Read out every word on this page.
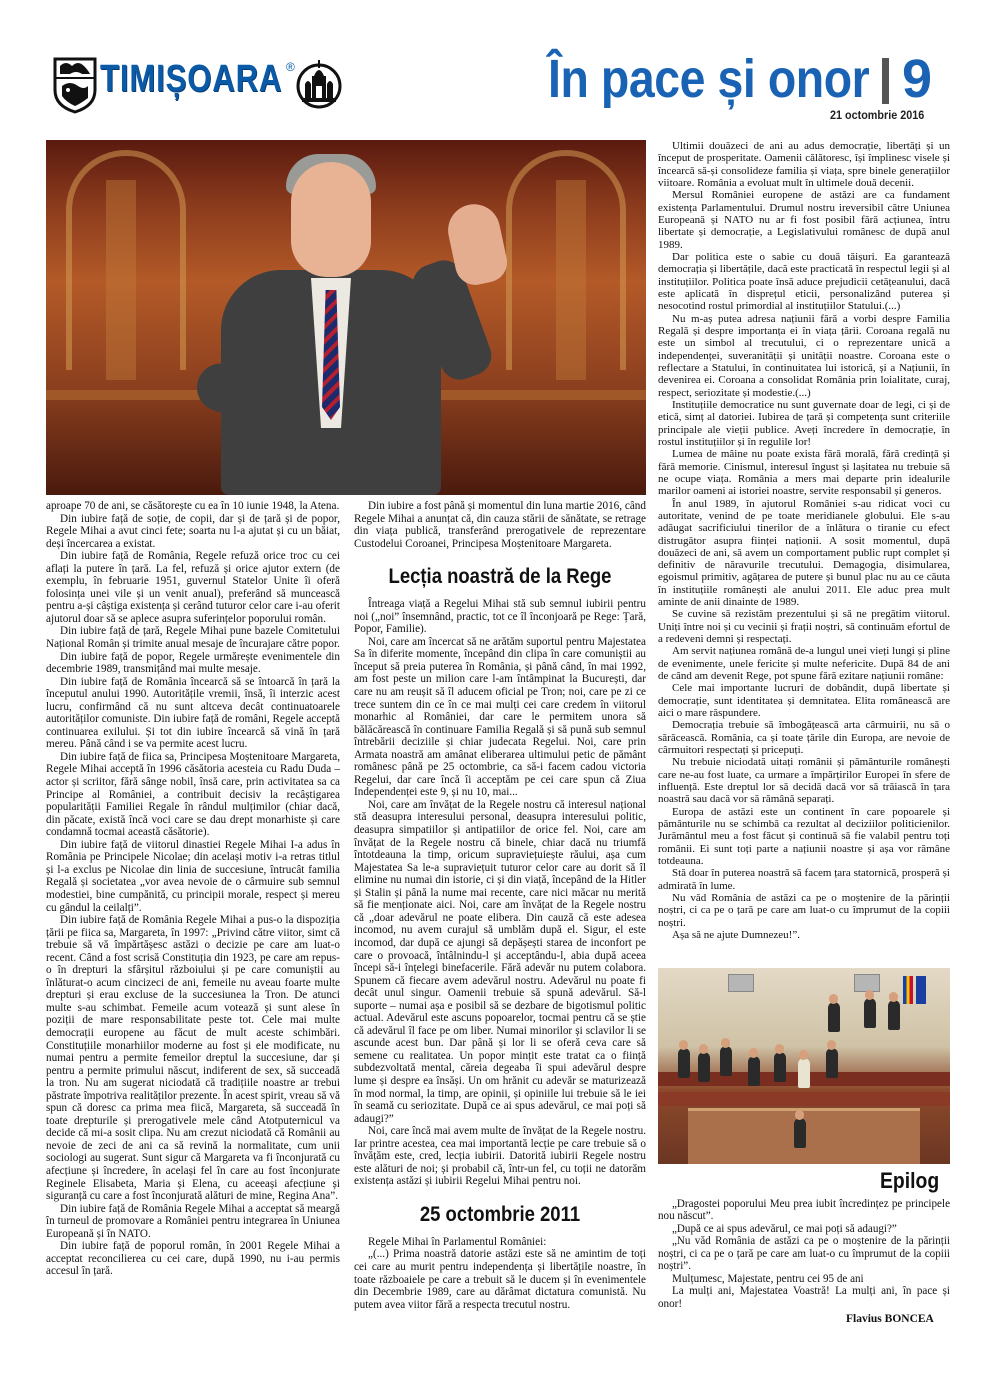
TIMIȘOARA ®	În pace și onor 9
21 octombrie 2016

aproape 70 de ani, se căsătorește cu ea în 10 iunie 1948, la Atena.

Din iubire față de soție, de copii, dar și de țară și de popor, Regele Mihai a avut cinci fete; soarta nu l-a ajutat și cu un băiat, deși încercarea a existat.

Din iubire față de România, Regele refuză orice troc cu cei aflați la putere în țară. La fel, refuză și orice ajutor extern (de exemplu, în februarie 1951, guvernul Statelor Unite îi oferă folosința unei vile și un venit anual), preferând să muncească pentru a-și câștiga existența și cerând tuturor celor care i-au oferit ajutorul doar să se aplece asupra suferințelor poporului român.

Din iubire față de țară, Regele Mihai pune bazele Comitetului Național Român și trimite anual mesaje de încurajare către popor.

Din iubire față de popor, Regele urmărește evenimentele din decembrie 1989, transmițând mai multe mesaje.

Din iubire față de România încearcă să se întoarcă în țară la începutul anului 1990. Autoritățile vremii, însă, îi interzic acest lucru, confirmând că nu sunt altceva decât continuatoarele autorităților comuniste. Din iubire față de români, Regele acceptă continuarea exilului. Și tot din iubire încearcă să vină în țară mereu. Până când i se va permite acest lucru.

Din iubire față de fiica sa, Principesa Moștenitoare Margareta, Regele Mihai acceptă în 1996 căsătoria acesteia cu Radu Duda – actor și scriitor, fără sânge nobil, însă care, prin activitatea sa ca Principe al României, a contribuit decisiv la recâștigarea popularității Familiei Regale în rândul mulțimilor (chiar dacă, din păcate, există încă voci care se dau drept monarhiste și care condamnă tocmai această căsătorie).

Din iubire față de viitorul dinastiei Regele Mihai I-a adus în România pe Principele Nicolae; din același motiv i-a retras titlul și l-a exclus pe Nicolae din linia de succesiune, întrucât familia Regală și societatea „vor avea nevoie de o cârmuire sub semnul modestiei, bine cumpănită, cu principii morale, respect și mereu cu gândul la ceilalți”.

Din iubire față de România Regele Mihai a pus-o la dispoziția țării pe fiica sa, Margareta, în 1997: „Privind către viitor, simt că trebuie să vă împărtășesc astăzi o decizie pe care am luat-o recent. Când a fost scrisă Constituția din 1923, pe care am repus-o în drepturi la sfârșitul războiului și pe care comuniștii au înlăturat-o acum cincizeci de ani, femeile nu aveau foarte multe drepturi și erau excluse de la succesiunea la Tron. De atunci multe s-au schimbat. Femeile acum votează și sunt alese în poziții de mare responsabilitate peste tot. Cele mai multe democrații europene au făcut de mult aceste schimbări. Constituțiile monarhiilor moderne au fost și ele modificate, nu numai pentru a permite femeilor dreptul la succesiune, dar și pentru a permite primului născut, indiferent de sex, să succeadă la tron. Nu am sugerat niciodată că tradițiile noastre ar trebui păstrate împotriva realităților prezente. În acest spirit, vreau să vă spun că doresc ca prima mea fiică, Margareta, să succeadă în toate drepturile și prerogativele mele când Atotputernicul va decide că mi-a sosit clipa. Nu am crezut niciodată că Românii au nevoie de zeci de ani ca să revină la normalitate, cum unii sociologi au sugerat. Sunt sigur că Margareta va fi înconjurată cu afecțiune și încredere, în același fel în care au fost înconjurate Reginele Elisabeta, Maria și Elena, cu aceeași afecțiune și siguranță cu care a fost înconjurată alături de mine, Regina Ana”.

Din iubire față de România Regele Mihai a acceptat să meargă în turneul de promovare a României pentru integrarea în Uniunea Europeană și în NATO.

Din iubire față de poporul român, în 2001 Regele Mihai a acceptat reconcilierea cu cei care, după 1990, nu i-au permis accesul în țară.

Din iubire a fost până și momentul din luna martie 2016, când Regele Mihai a anunțat că, din cauza stării de sănătate, se retrage din viața publică, transferând prerogativele de reprezentare Custodelui Coroanei, Principesa Moștenitoare Margareta.

Lecția noastră de la Rege

Întreaga viață a Regelui Mihai stă sub semnul iubirii pentru noi („noi” însemnând, practic, tot ce îl înconjoară pe Rege: Țară, Popor, Familie).

Noi, care am încercat să ne arătăm suportul pentru Majestatea Sa în diferite momente, începând din clipa în care comuniștii au început să preia puterea în România, și până când, în mai 1992, am fost peste un milion care l-am întâmpinat la București, dar care nu am reușit să îl aducem oficial pe Tron; noi, care pe zi ce trece suntem din ce în ce mai mulți cei care credem în viitorul monarhic al României, dar care le permitem unora să bălăcărească în continuare Familia Regală și să pună sub semnul întrebării deciziile și chiar judecata Regelui. Noi, care prin Armata noastră am amânat eliberarea ultimului petic de pământ românesc până pe 25 octombrie, ca să-i facem cadou victoria Regelui, dar care încă îi acceptăm pe cei care spun că Ziua Independenței este 9, și nu 10, mai...

Noi, care am învățat de la Regele nostru că interesul național stă deasupra interesului personal, deasupra interesului politic, deasupra simpatiilor și antipatiilor de orice fel. Noi, care am învățat de la Regele nostru că binele, chiar dacă nu triumfă întotdeauna la timp, oricum supraviețuiește răului, așa cum Majestatea Sa le-a supraviețuit tuturor celor care au dorit să îl elimine nu numai din istorie, ci și din viață, începând de la Hitler și Stalin și până la nume mai recente, care nici măcar nu merită să fie menționate aici. Noi, care am învățat de la Regele nostru că „doar adevărul ne poate elibera. Din cauză că este adesea incomod, nu avem curajul să umblăm după el. Sigur, el este incomod, dar după ce ajungi să depășești starea de inconfort pe care o provoacă, întâlnindu-l și acceptându-l, abia după aceea începi să-i înțelegi binefacerile. Fără adevăr nu putem colabora. Spunem că fiecare avem adevărul nostru. Adevărul nu poate fi decât unul singur. Oamenii trebuie să spună adevărul. Să-l suporte – numai așa e posibil să se dezbare de bigotismul politic actual. Adevărul este ascuns popoarelor, tocmai pentru că se știe că adevărul îl face pe om liber. Numai minorilor și sclavilor li se ascunde acest bun. Dar până și lor li se oferă ceva care să semene cu realitatea. Un popor mințit este tratat ca o ființă subdezvoltată mental, căreia degeaba îi spui adevărul despre lume și despre ea însăși. Un om hrănit cu adevăr se maturizează în mod normal, la timp, are opinii, și opiniile lui trebuie să le iei în seamă cu seriozitate. După ce ai spus adevărul, ce mai poți să adaugi?”

Noi, care încă mai avem multe de învățat de la Regele nostru. Iar printre acestea, cea mai importantă lecție pe care trebuie să o învățăm este, cred, lecția iubirii. Datorită iubirii Regele nostru este alături de noi; și probabil că, într-un fel, cu toții ne datorăm existența astăzi și iubirii Regelui Mihai pentru noi.

25 octombrie 2011

Regele Mihai în Parlamentul României:

„(...) Prima noastră datorie astăzi este să ne amintim de toți cei care au murit pentru independența și libertățile noastre, în toate războaiele pe care a trebuit să le ducem și în evenimentele din Decembrie 1989, care au dărâmat dictatura comunistă. Nu putem avea viitor fără a respecta trecutul nostru.

Ultimii douăzeci de ani au adus democrație, libertăți și un început de prosperitate. Oamenii călătoresc, își împlinesc visele și încearcă să-și consolideze familia și viața, spre binele generațiilor viitoare. România a evoluat mult în ultimele două decenii.

Mersul României europene de astăzi are ca fundament existența Parlamentului. Drumul nostru ireversibil către Uniunea Europeană și NATO nu ar fi fost posibil fără acțiunea, întru libertate și democrație, a Legislativului românesc de după anul 1989.

Dar politica este o sabie cu două tăișuri. Ea garantează democrația și libertățile, dacă este practicată în respectul legii și al instituțiilor. Politica poate însă aduce prejudicii cetățeanului, dacă este aplicată în disprețul eticii, personalizând puterea și nesocotind rostul primordial al instituțiilor Statului.(...)

Nu m-aș putea adresa națiunii fără a vorbi despre Familia Regală și despre importanța ei în viața țării. Coroana regală nu este un simbol al trecutului, ci o reprezentare unică a independenței, suveranității și unității noastre. Coroana este o reflectare a Statului, în continuitatea lui istorică, și a Națiunii, în devenirea ei. Coroana a consolidat România prin loialitate, curaj, respect, seriozitate și modestie.(...)

Instituțiile democratice nu sunt guvernate doar de legi, ci și de etică, simț al datoriei. Iubirea de țară și competența sunt criteriile principale ale vieții publice. Aveți încredere în democrație, în rostul instituțiilor și în regulile lor!

Lumea de mâine nu poate exista fără morală, fără credință și fără memorie. Cinismul, interesul îngust și lașitatea nu trebuie să ne ocupe viața. România a mers mai departe prin idealurile marilor oameni ai istoriei noastre, servite responsabil și generos.

În anul 1989, în ajutorul României s-au ridicat voci cu autoritate, venind de pe toate meridianele globului. Ele s-au adăugat sacrificiului tinerilor de a înlătura o tiranie cu efect distrugător asupra ființei naționii. A sosit momentul, după douăzeci de ani, să avem un comportament public rupt complet și definitiv de năravurile trecutului. Demagogia, disimularea, egoismul primitiv, agățarea de putere și bunul plac nu au ce căuta în instituțiile românești ale anului 2011. Ele aduc prea mult aminte de anii dinainte de 1989.

Se cuvine să rezistăm prezentului și să ne pregătim viitorul. Uniți între noi și cu vecinii și frații noștri, să continuăm efortul de a redeveni demni și respectați.

Am servit națiunea română de-a lungul unei vieți lungi și pline de evenimente, unele fericite și multe nefericite. După 84 de ani de când am devenit Rege, pot spune fără ezitare națiunii române:

Cele mai importante lucruri de dobândit, după libertate și democrație, sunt identitatea și demnitatea. Elita românească are aici o mare răspundere.

Democrația trebuie să îmbogățească arta cârmuirii, nu să o sărăcească. România, ca și toate țările din Europa, are nevoie de cârmuitori respectați și pricepuți.

Nu trebuie niciodată uitați românii și pământurile românești care ne-au fost luate, ca urmare a împărțirilor Europei în sfere de influență. Este dreptul lor să decidă dacă vor să trăiască în țara noastră sau dacă vor să rămână separați.

Europa de astăzi este un continent în care popoarele și pământurile nu se schimbă ca rezultat al deciziilor politicienilor. Jurământul meu a fost făcut și continuă să fie valabil pentru toți românii. Ei sunt toți parte a națiunii noastre și așa vor rămâne totdeauna.

Stă doar în puterea noastră să facem țara statornică, prosperă și admirată în lume.

Nu văd România de astăzi ca pe o moștenire de la părinții noștri, ci ca pe o țară pe care am luat-o cu împrumut de la copiii noștri.

Așa să ne ajute Dumnezeu!”.

Epilog

„Dragostei poporului Meu prea iubit încredințez pe principele nou născut”.

„După ce ai spus adevărul, ce mai poți să adaugi?”

„Nu văd România de astăzi ca pe o moștenire de la părinții noștri, ci ca pe o țară pe care am luat-o cu împrumut de la copiii noștri”.

Mulțumesc, Majestate, pentru cei 95 de ani

La mulți ani, Majestatea Voastră! La mulți ani, în pace și onor!

Flavius BONCEA
